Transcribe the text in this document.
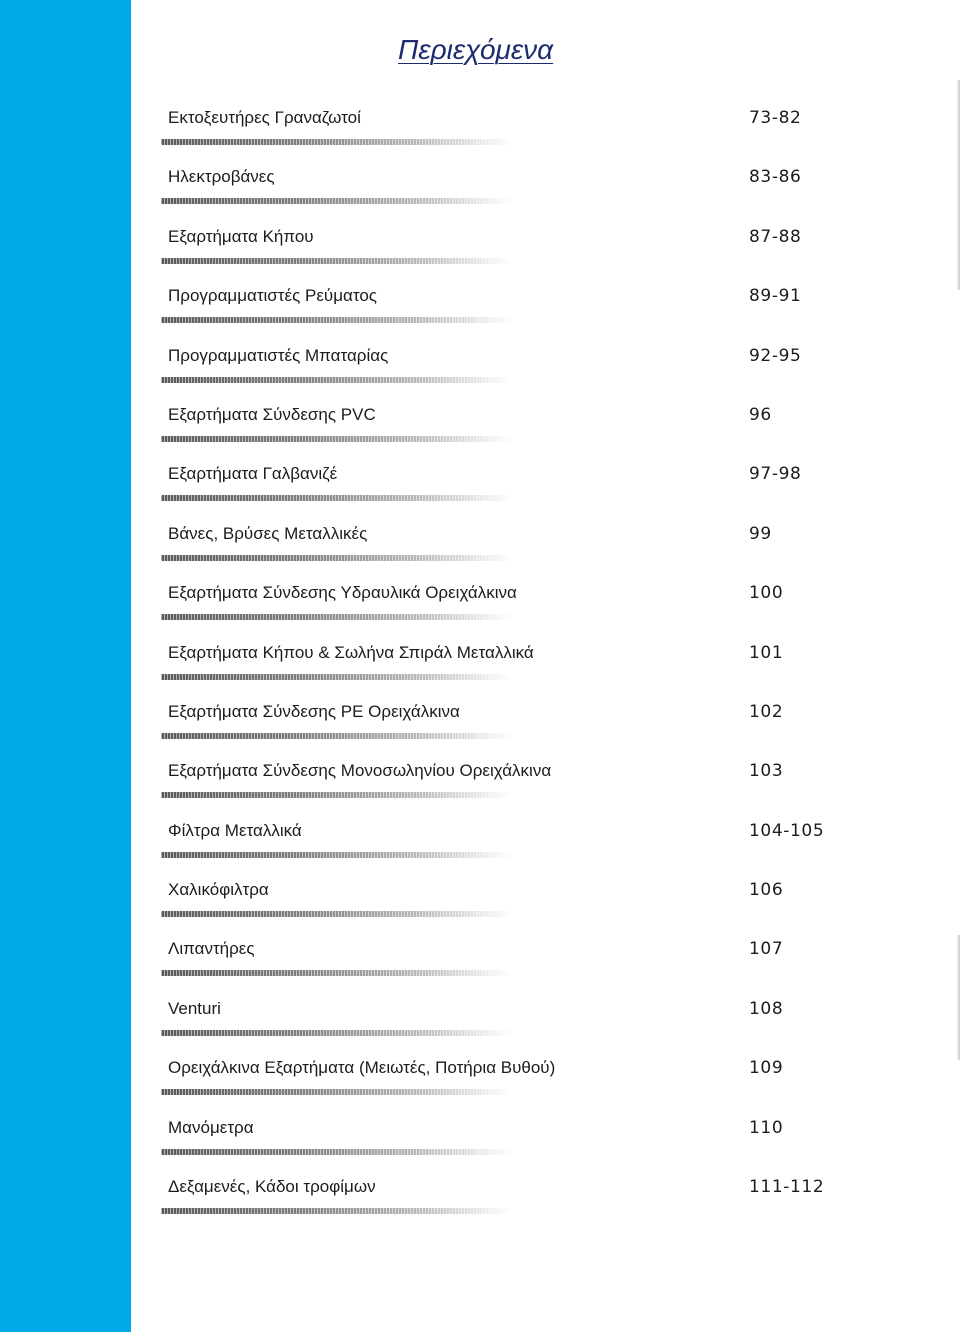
Περιεχόμενα
Εκτοξευτήρες Γραναζωτοί	73-82
Ηλεκτροβάνες	83-86
Εξαρτήματα Κήπου	87-88
Προγραμματιστές Ρεύματος	89-91
Προγραμματιστές Μπαταρίας	92-95
Εξαρτήματα Σύνδεσης PVC	96
Εξαρτήματα Γαλβανιζέ	97-98
Βάνες, Βρύσες Μεταλλικές	99
Εξαρτήματα Σύνδεσης Υδραυλικά Ορειχάλκινα	100
Εξαρτήματα Κήπου & Σωλήνα Σπιράλ Μεταλλικά	101
Εξαρτήματα Σύνδεσης PE Ορειχάλκινα	102
Εξαρτήματα Σύνδεσης Μονοσωληνίου Ορειχάλκινα	103
Φίλτρα Μεταλλικά	104-105
Χαλικόφιλτρα	106
Λιπαντήρες	107
Venturi	108
Ορειχάλκινα Εξαρτήματα (Μειωτές, Ποτήρια Βυθού)	109
Μανόμετρα	110
Δεξαμενές, Κάδοι τροφίμων	111-112
